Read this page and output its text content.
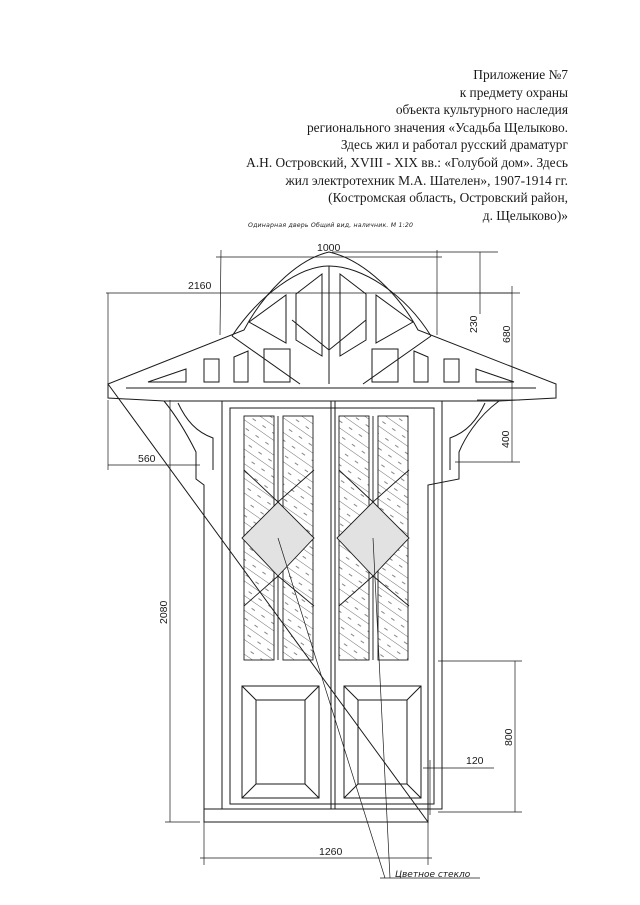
Приложение №7
к предмету охраны
объекта культурного наследия
регионального значения «Усадьба Щелыково.
Здесь жил и работал русский драматург
А.Н. Островский, XVIII - XIX вв.: «Голубой дом». Здесь
жил электротехник М.А. Шателен», 1907-1914 гг.
(Костромская область, Островский район,
д. Щелыково)»
Одинарная дверь Общий вид, наличник. М 1:20
1000
2160
230
680
400
560
2080
800
120
1260
Цветное стекло
